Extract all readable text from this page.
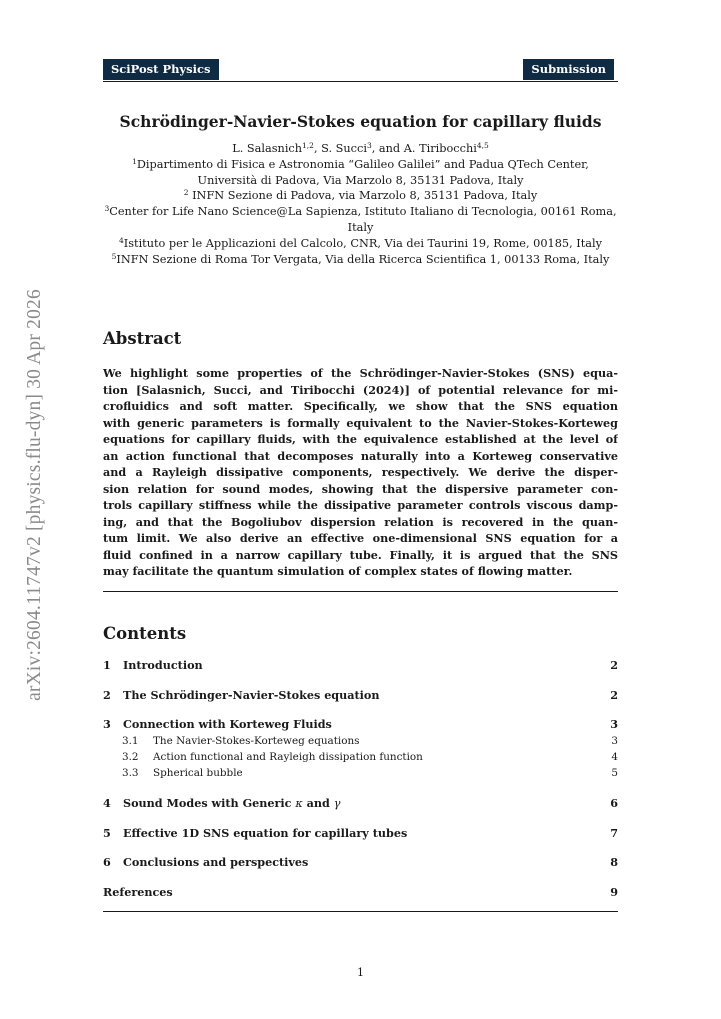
arXiv:2604.11747v2 [physics.flu-dyn] 30 Apr 2026
SciPost Physics	Submission
Schrödinger-Navier-Stokes equation for capillary fluids
L. Salasnich$^{1,2}$, S. Succi$^3$, and A. Tiribocchi$^{4,5}$
$^1$Dipartimento di Fisica e Astronomia “Galileo Galilei” and Padua QTech Center,
Università di Padova, Via Marzolo 8, 35131 Padova, Italy
$^2$ INFN Sezione di Padova, via Marzolo 8, 35131 Padova, Italy
$^3$Center for Life Nano Science@La Sapienza, Istituto Italiano di Tecnologia, 00161 Roma,
Italy
$^4$Istituto per le Applicazioni del Calcolo, CNR, Via dei Taurini 19, Rome, 00185, Italy
$^5$INFN Sezione di Roma Tor Vergata, Via della Ricerca Scientifica 1, 00133 Roma, Italy
Abstract
We highlight some properties of the Schrödinger-Navier-Stokes (SNS) equa-
tion [Salasnich, Succi, and Tiribocchi (2024)] of potential relevance for mi-
crofluidics and soft matter. Specifically, we show that the SNS equation
with generic parameters is formally equivalent to the Navier-Stokes-Korteweg
equations for capillary fluids, with the equivalence established at the level of
an action functional that decomposes naturally into a Korteweg conservative
and a Rayleigh dissipative components, respectively. We derive the disper-
sion relation for sound modes, showing that the dispersive parameter con-
trols capillary stiffness while the dissipative parameter controls viscous damp-
ing, and that the Bogoliubov dispersion relation is recovered in the quan-
tum limit. We also derive an effective one-dimensional SNS equation for a
fluid confined in a narrow capillary tube. Finally, it is argued that the SNS
may facilitate the quantum simulation of complex states of flowing matter.
Contents
1 Introduction	2
2 The Schrödinger-Navier-Stokes equation	2
3 Connection with Korteweg Fluids	3
3.1 The Navier-Stokes-Korteweg equations	3
3.2 Action functional and Rayleigh dissipation function	4
3.3 Spherical bubble	5
4 Sound Modes with Generic κ and γ	6
5 Effective 1D SNS equation for capillary tubes	7
6 Conclusions and perspectives	8
References	9
1
